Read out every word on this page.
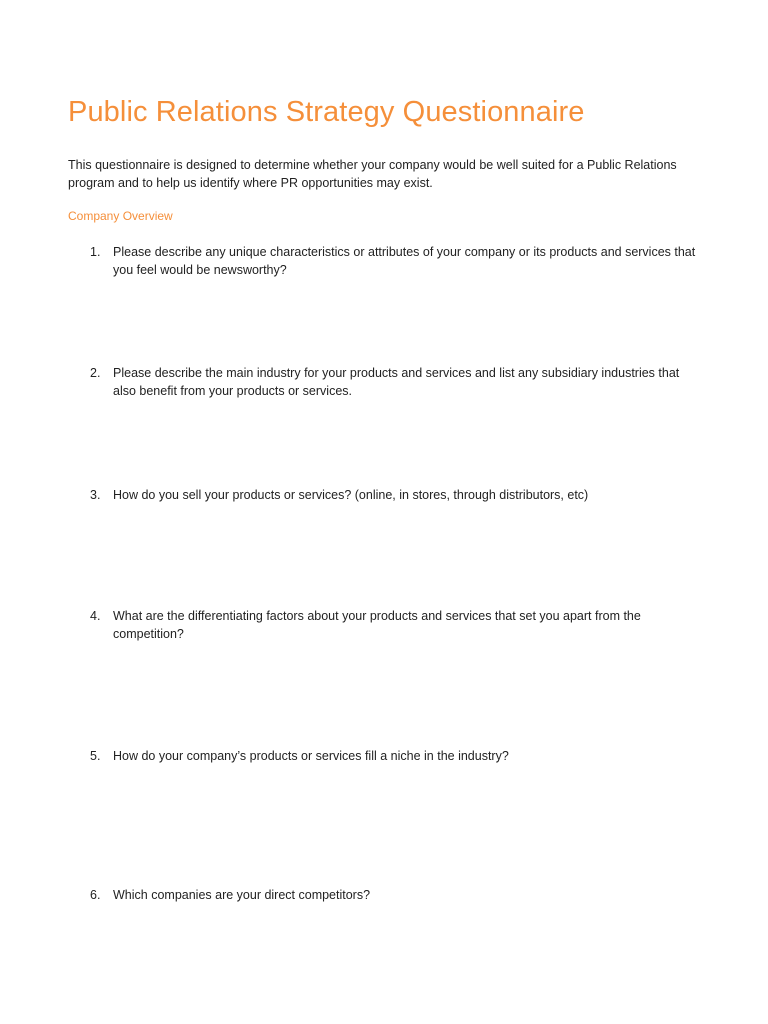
Public Relations Strategy Questionnaire

This questionnaire is designed to determine whether your company would be well suited for a Public Relations program and to help us identify where PR opportunities may exist.

Company Overview
1.	Please describe any unique characteristics or attributes of your company or its products and services that you feel would be newsworthy?
2.	Please describe the main industry for your products and services and list any subsidiary industries that also benefit from your products or services.
3.	How do you sell your products or services? (online, in stores, through distributors, etc)
4.	What are the differentiating factors about your products and services that set you apart from the competition?
5.	How do your company’s products or services fill a niche in the industry?
6.	Which companies are your direct competitors?
